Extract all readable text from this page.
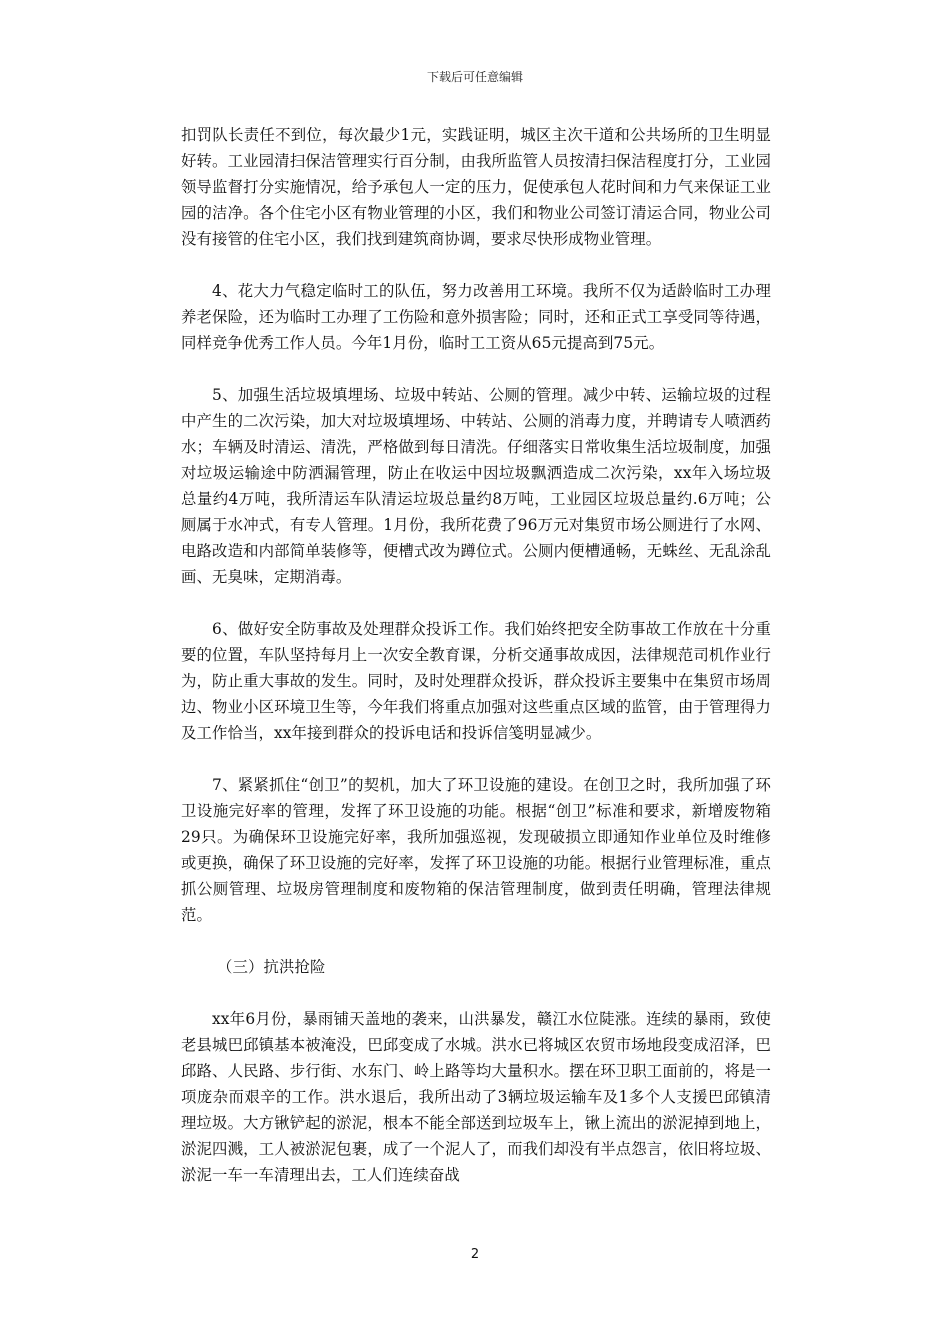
下载后可任意编辑

扣罚队长责任不到位，每次最少1元，实践证明，城区主次干道和公共场所的卫生明显好转。工业园清扫保洁管理实行百分制，由我所监管人员按清扫保洁程度打分，工业园领导监督打分实施情况，给予承包人一定的压力，促使承包人花时间和力气来保证工业园的洁净。各个住宅小区有物业管理的小区，我们和物业公司签订清运合同，物业公司没有接管的住宅小区，我们找到建筑商协调，要求尽快形成物业管理。

4、花大力气稳定临时工的队伍，努力改善用工环境。我所不仅为适龄临时工办理养老保险，还为临时工办理了工伤险和意外损害险；同时，还和正式工享受同等待遇，同样竞争优秀工作人员。今年1月份，临时工工资从65元提高到75元。

5、加强生活垃圾填埋场、垃圾中转站、公厕的管理。减少中转、运输垃圾的过程中产生的二次污染，加大对垃圾填埋场、中转站、公厕的消毒力度，并聘请专人喷洒药水；车辆及时清运、清洗，严格做到每日清洗。仔细落实日常收集生活垃圾制度，加强对垃圾运输途中防洒漏管理，防止在收运中因垃圾飘洒造成二次污染，xx年入场垃圾总量约4万吨，我所清运车队清运垃圾总量约8万吨，工业园区垃圾总量约.6万吨；公厕属于水冲式，有专人管理。1月份，我所花费了96万元对集贸市场公厕进行了水网、电路改造和内部简单装修等，便槽式改为蹲位式。公厕内便槽通畅，无蛛丝、无乱涂乱画、无臭味，定期消毒。

6、做好安全防事故及处理群众投诉工作。我们始终把安全防事故工作放在十分重要的位置，车队坚持每月上一次安全教育课，分析交通事故成因，法律规范司机作业行为，防止重大事故的发生。同时，及时处理群众投诉，群众投诉主要集中在集贸市场周边、物业小区环境卫生等，今年我们将重点加强对这些重点区域的监管，由于管理得力及工作恰当，xx年接到群众的投诉电话和投诉信笺明显减少。

7、紧紧抓住“创卫”的契机，加大了环卫设施的建设。在创卫之时，我所加强了环卫设施完好率的管理，发挥了环卫设施的功能。根据“创卫”标准和要求，新增废物箱29只。为确保环卫设施完好率，我所加强巡视，发现破损立即通知作业单位及时维修或更换，确保了环卫设施的完好率，发挥了环卫设施的功能。根据行业管理标准，重点抓公厕管理、垃圾房管理制度和废物箱的保洁管理制度，做到责任明确，管理法律规范。

（三）抗洪抢险

xx年6月份，暴雨铺天盖地的袭来，山洪暴发，赣江水位陡涨。连续的暴雨，致使老县城巴邱镇基本被淹没，巴邱变成了水城。洪水已将城区农贸市场地段变成沼泽，巴邱路、人民路、步行街、水东门、岭上路等均大量积水。摆在环卫职工面前的，将是一项庞杂而艰辛的工作。洪水退后，我所出动了3辆垃圾运输车及1多个人支援巴邱镇清理垃圾。大方锹铲起的淤泥，根本不能全部送到垃圾车上，锹上流出的淤泥掉到地上，淤泥四溅，工人被淤泥包裹，成了一个泥人了，而我们却没有半点怨言，依旧将垃圾、淤泥一车一车清理出去，工人们连续奋战

2
